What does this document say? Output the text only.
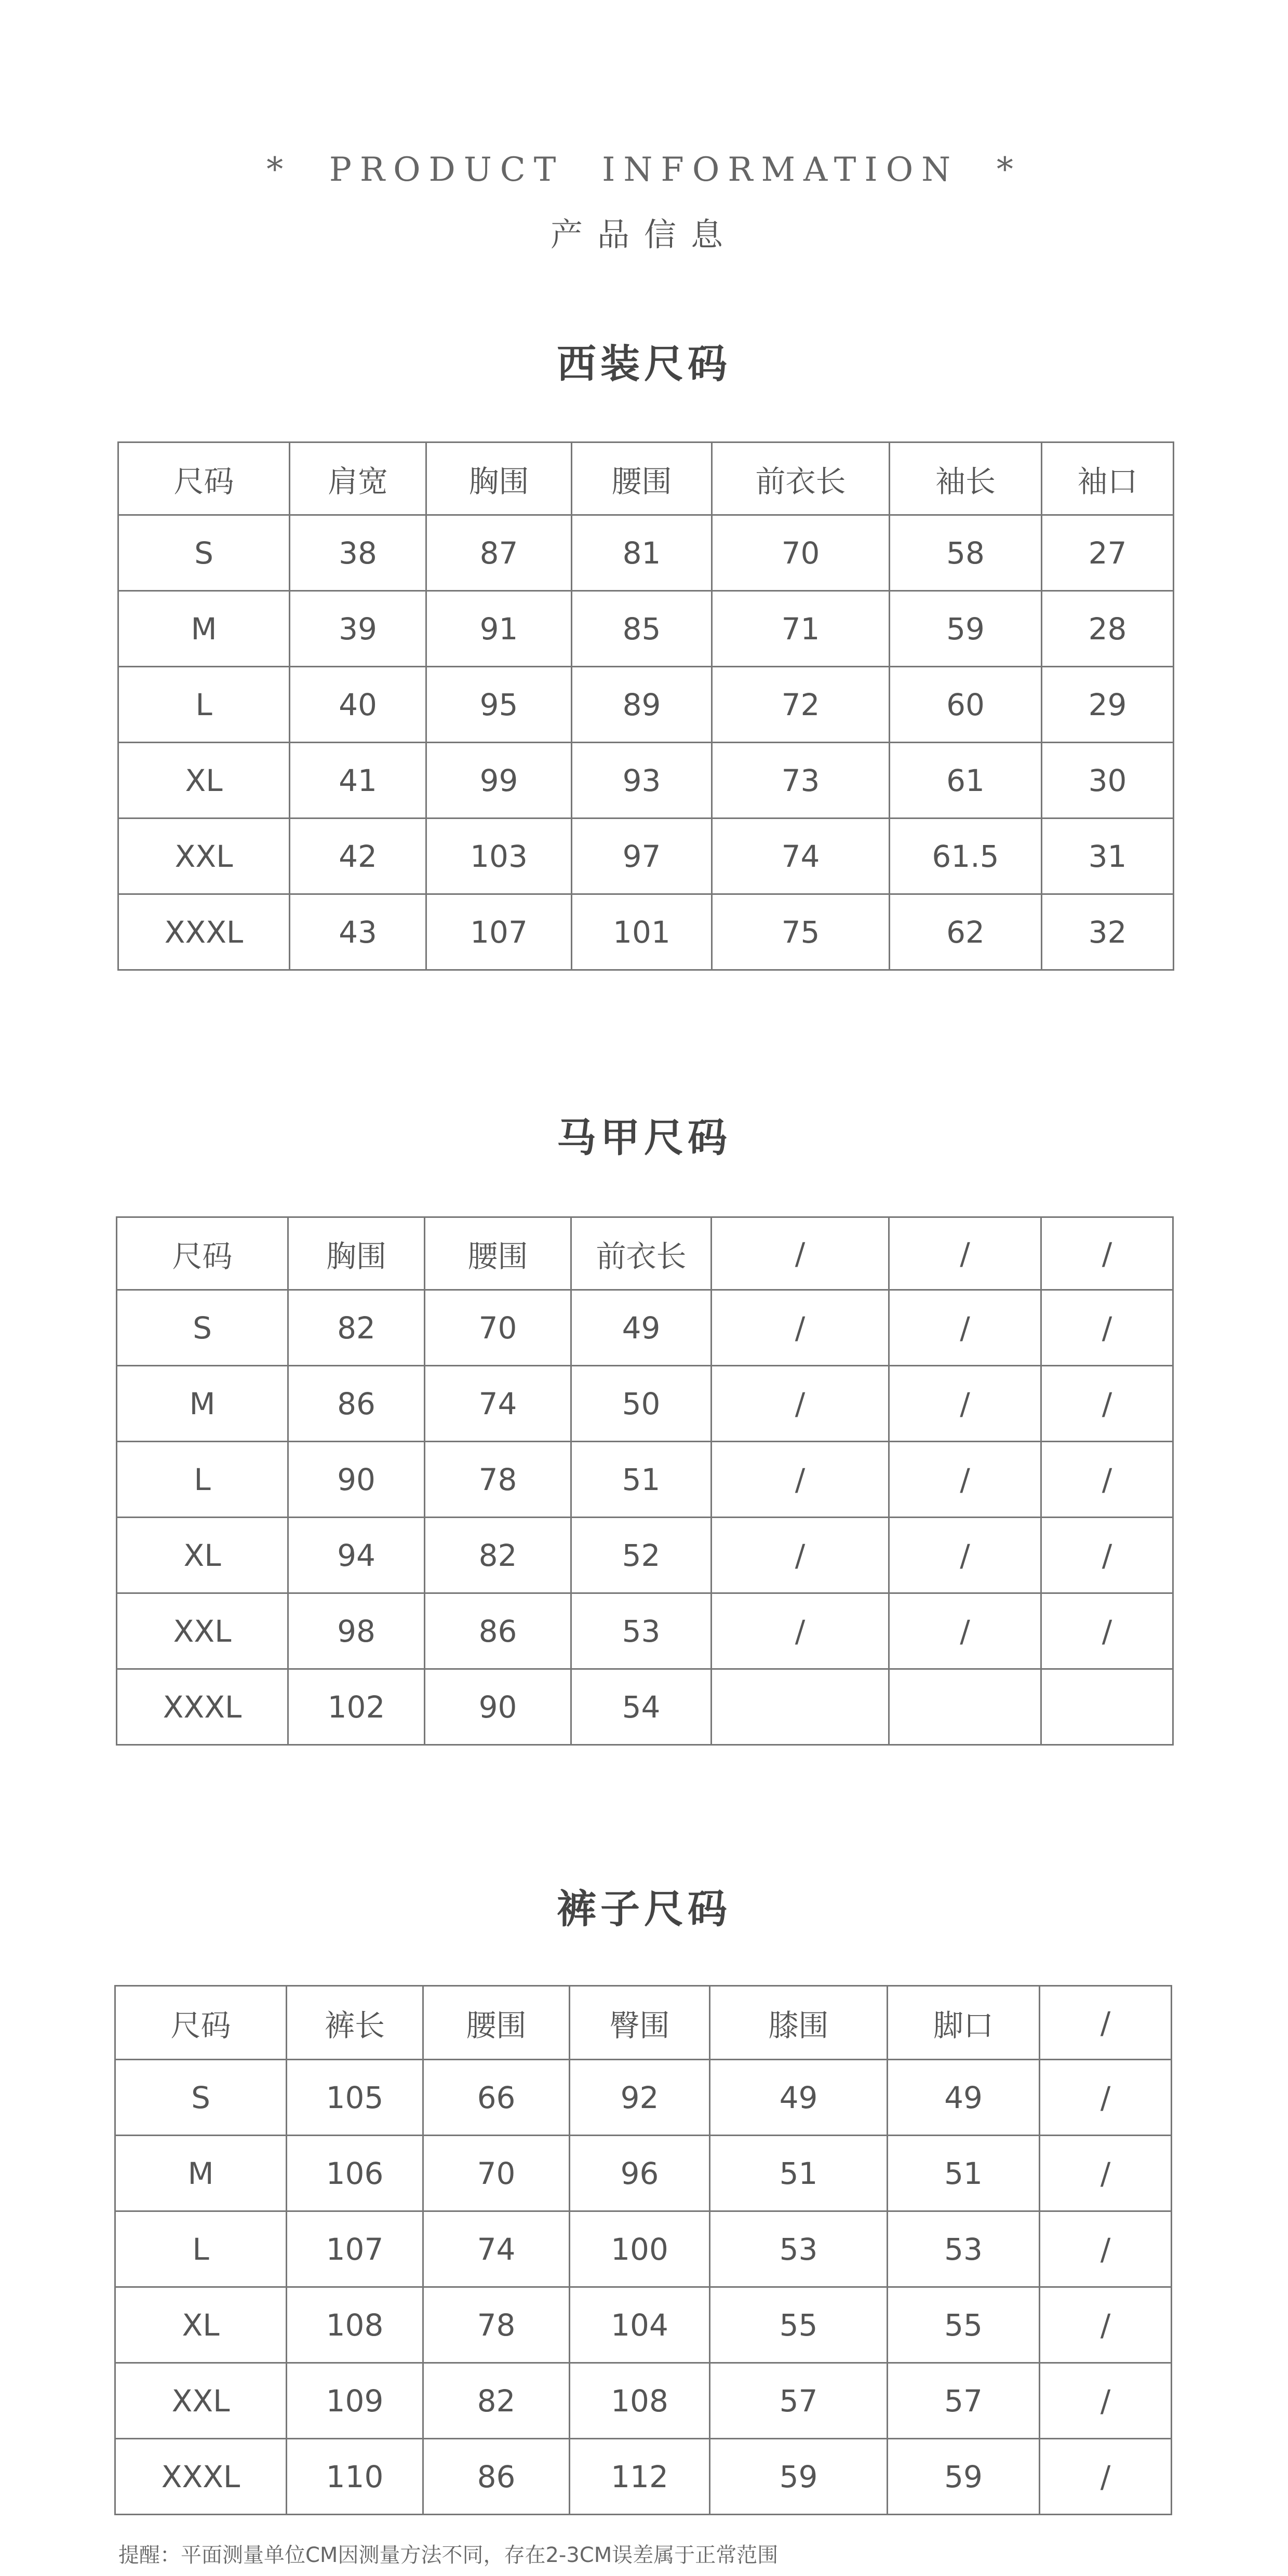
*  PRODUCT  INFORMATION  *
产品信息
西装尺码
尺码	肩宽	胸围	腰围	前衣长	袖长	袖口
S	38	87	81	70	58	27
M	39	91	85	71	59	28
L	40	95	89	72	60	29
XL	41	99	93	73	61	30
XXL	42	103	97	74	61.5	31
XXXL	43	107	101	75	62	32
马甲尺码
尺码	胸围	腰围	前衣长	/	/	/
S	82	70	49	/	/	/
M	86	74	50	/	/	/
L	90	78	51	/	/	/
XL	94	82	52	/	/	/
XXL	98	86	53	/	/	/
XXXL	102	90	54			
裤子尺码
尺码	裤长	腰围	臀围	膝围	脚口	/
S	105	66	92	49	49	/
M	106	70	96	51	51	/
L	107	74	100	53	53	/
XL	108	78	104	55	55	/
XXL	109	82	108	57	57	/
XXXL	110	86	112	59	59	/
提醒：平面测量单位CM因测量方法不同，存在2-3CM误差属于正常范围
